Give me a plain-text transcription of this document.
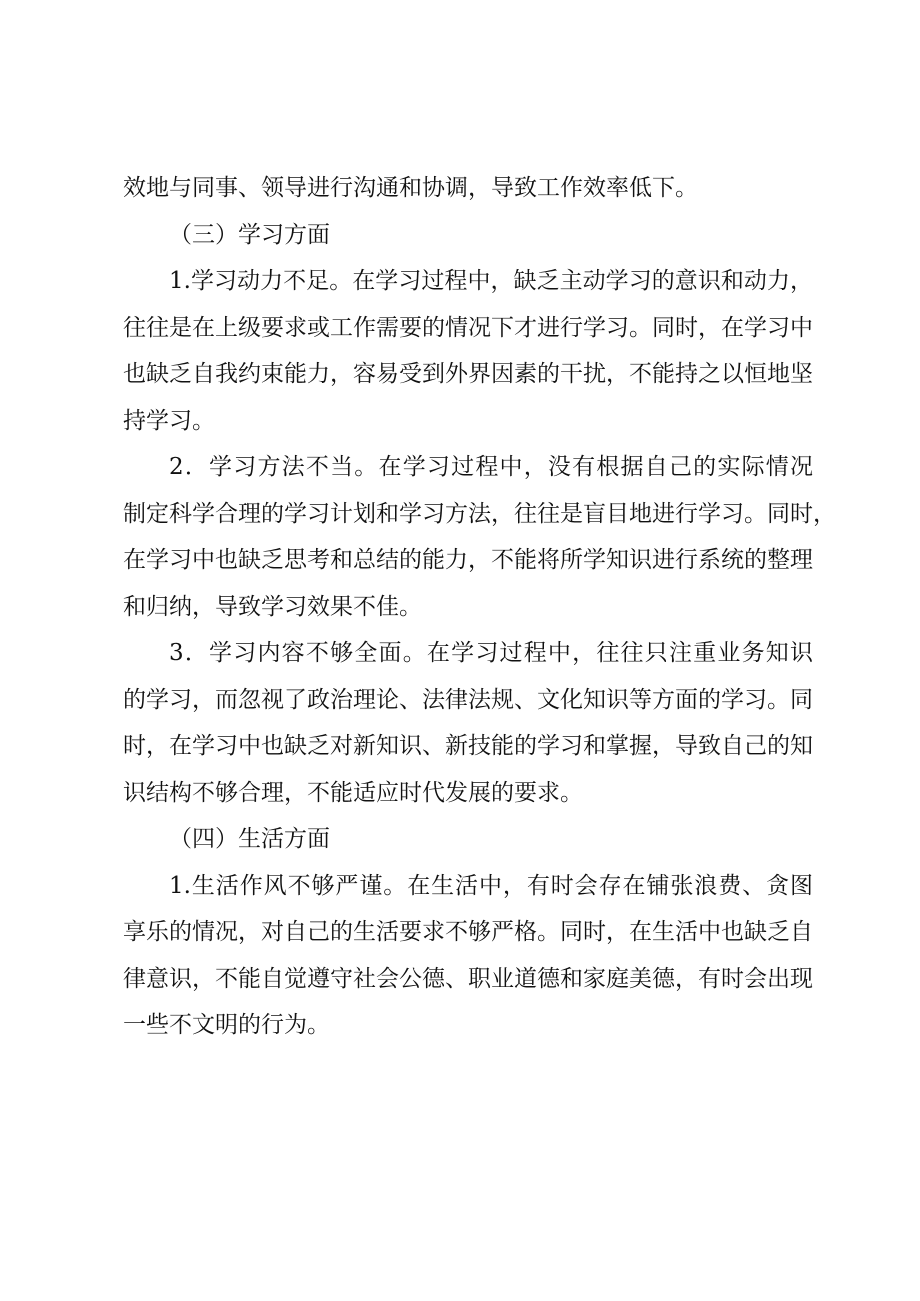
效地与同事、领导进行沟通和协调，导致工作效率低下。
（三）学习方面
1.学习动力不足。在学习过程中，缺乏主动学习的意识和动力，
往往是在上级要求或工作需要的情况下才进行学习。同时，在学习中
也缺乏自我约束能力，容易受到外界因素的干扰，不能持之以恒地坚
持学习。
2．学习方法不当。在学习过程中，没有根据自己的实际情况
制定科学合理的学习计划和学习方法，往往是盲目地进行学习。同时，
在学习中也缺乏思考和总结的能力，不能将所学知识进行系统的整理
和归纳，导致学习效果不佳。
3．学习内容不够全面。在学习过程中，往往只注重业务知识
的学习，而忽视了政治理论、法律法规、文化知识等方面的学习。同
时，在学习中也缺乏对新知识、新技能的学习和掌握，导致自己的知
识结构不够合理，不能适应时代发展的要求。
（四）生活方面
1.生活作风不够严谨。在生活中，有时会存在铺张浪费、贪图
享乐的情况，对自己的生活要求不够严格。同时，在生活中也缺乏自
律意识，不能自觉遵守社会公德、职业道德和家庭美德，有时会出现
一些不文明的行为。
